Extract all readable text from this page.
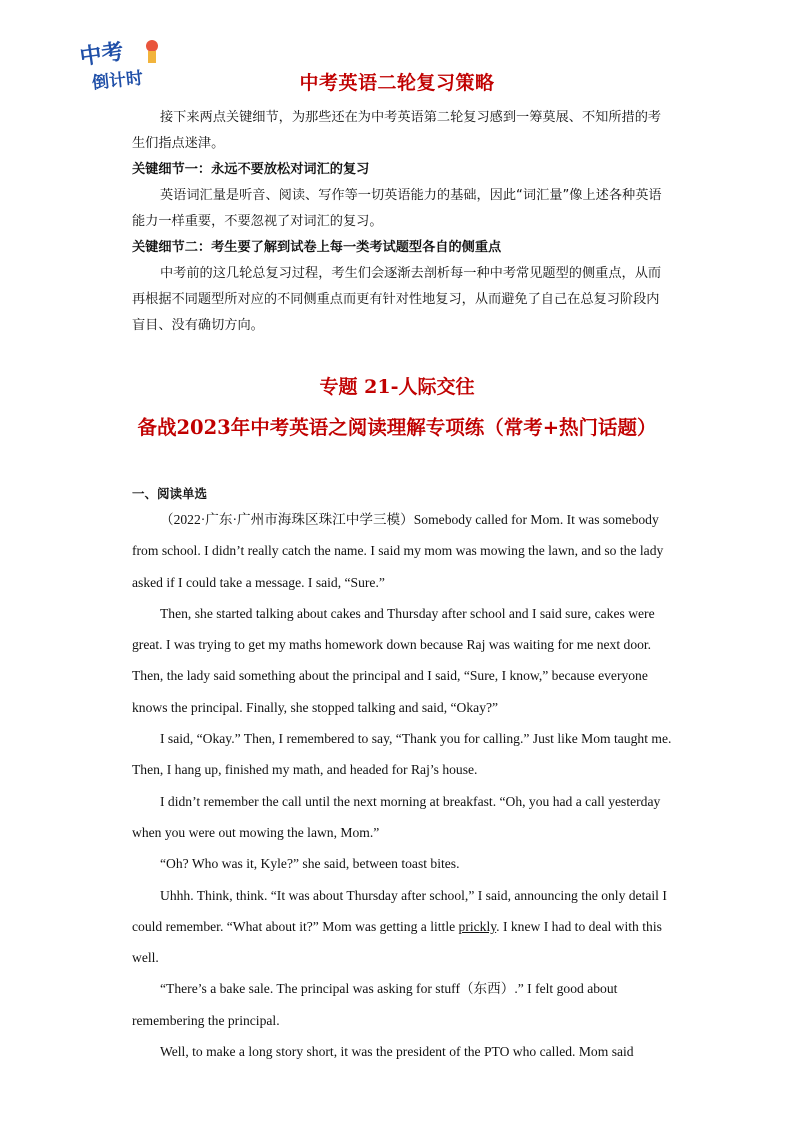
中考
倒计时	中考英语二轮复习策略

接下来两点关键细节，为那些还在为中考英语第二轮复习感到一筹莫展、不知所措的考生们指点迷津。

关键细节一：永远不要放松对词汇的复习

英语词汇量是听音、阅读、写作等一切英语能力的基础，因此“词汇量”像上述各种英语能力一样重要，不要忽视了对词汇的复习。

关键细节二：考生要了解到试卷上每一类考试题型各自的侧重点

中考前的这几轮总复习过程，考生们会逐渐去剖析每一种中考常见题型的侧重点，从而再根据不同题型所对应的不同侧重点而更有针对性地复习，从而避免了自己在总复习阶段内盲目、没有确切方向。

专题 21-人际交往
备战2023年中考英语之阅读理解专项练（常考+热门话题）
一、阅读单选

（2022·广东·广州市海珠区珠江中学三模）Somebody called for Mom. It was somebody from school. I didn’t really catch the name. I said my mom was mowing the lawn, and so the lady asked if I could take a message. I said, “Sure.”

Then, she started talking about cakes and Thursday after school and I said sure, cakes were great. I was trying to get my maths homework down because Raj was waiting for me next door. Then, the lady said something about the principal and I said, “Sure, I know,” because everyone knows the principal. Finally, she stopped talking and said, “Okay?”

I said, “Okay.” Then, I remembered to say, “Thank you for calling.” Just like Mom taught me. Then, I hang up, finished my math, and headed for Raj’s house.

I didn’t remember the call until the next morning at breakfast. “Oh, you had a call yesterday when you were out mowing the lawn, Mom.”

“Oh? Who was it, Kyle?” she said, between toast bites.

Uhhh. Think, think. “It was about Thursday after school,” I said, announcing the only detail I could remember. “What about it?” Mom was getting a little prickly. I knew I had to deal with this well.

“There’s a bake sale. The principal was asking for stuff（东西）.” I felt good about remembering the principal.

Well, to make a long story short, it was the president of the PTO who called. Mom said
